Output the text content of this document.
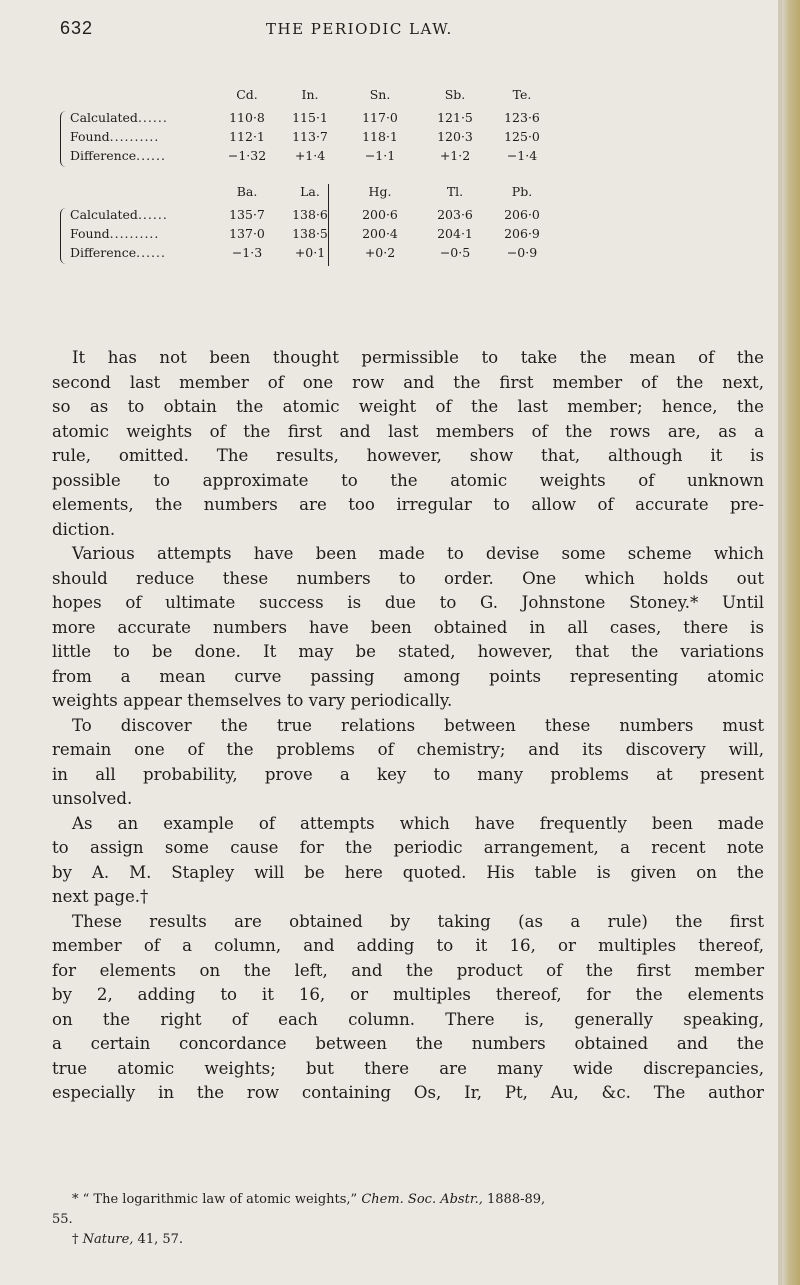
632	THE PERIODIC LAW.
Cd.	In.	Sn.	Sb.	Te.
Calculated......	110·8	115·1	117·0	121·5	123·6
Found..........	112·1	113·7	118·1	120·3	125·0
Difference......	−1·32	+1·4	−1·1	+1·2	−1·4
Ba.	La.	Hg.	Tl.	Pb.
Calculated......	135·7	138·6	200·6	203·6	206·0
Found..........	137·0	138·5	200·4	204·1	206·9
Difference......	−1·3	+0·1	+0·2	−0·5	−0·9
It has not been thought permissible to take the mean of the
second last member of one row and the first member of the next,
so as to obtain the atomic weight of the last member; hence, the
atomic weights of the first and last members of the rows are, as a
rule, omitted. The results, however, show that, although it is
possible to approximate to the atomic weights of unknown
elements, the numbers are too irregular to allow of accurate pre-
diction.
Various attempts have been made to devise some scheme which
should reduce these numbers to order. One which holds out
hopes of ultimate success is due to G. Johnstone Stoney.* Until
more accurate numbers have been obtained in all cases, there is
little to be done. It may be stated, however, that the variations
from a mean curve passing among points representing atomic
weights appear themselves to vary periodically.
To discover the true relations between these numbers must
remain one of the problems of chemistry; and its discovery will,
in all probability, prove a key to many problems at present
unsolved.
As an example of attempts which have frequently been made
to assign some cause for the periodic arrangement, a recent note
by A. M. Stapley will be here quoted. His table is given on the
next page.†
These results are obtained by taking (as a rule) the first
member of a column, and adding to it 16, or multiples thereof,
for elements on the left, and the product of the first member
by 2, adding to it 16, or multiples thereof, for the elements
on the right of each column. There is, generally speaking,
a certain concordance between the numbers obtained and the
true atomic weights; but there are many wide discrepancies,
especially in the row containing Os, Ir, Pt, Au, &c. The author
* “ The logarithmic law of atomic weights,” Chem. Soc. Abstr., 1888-89,
55.
† Nature, 41, 57.
